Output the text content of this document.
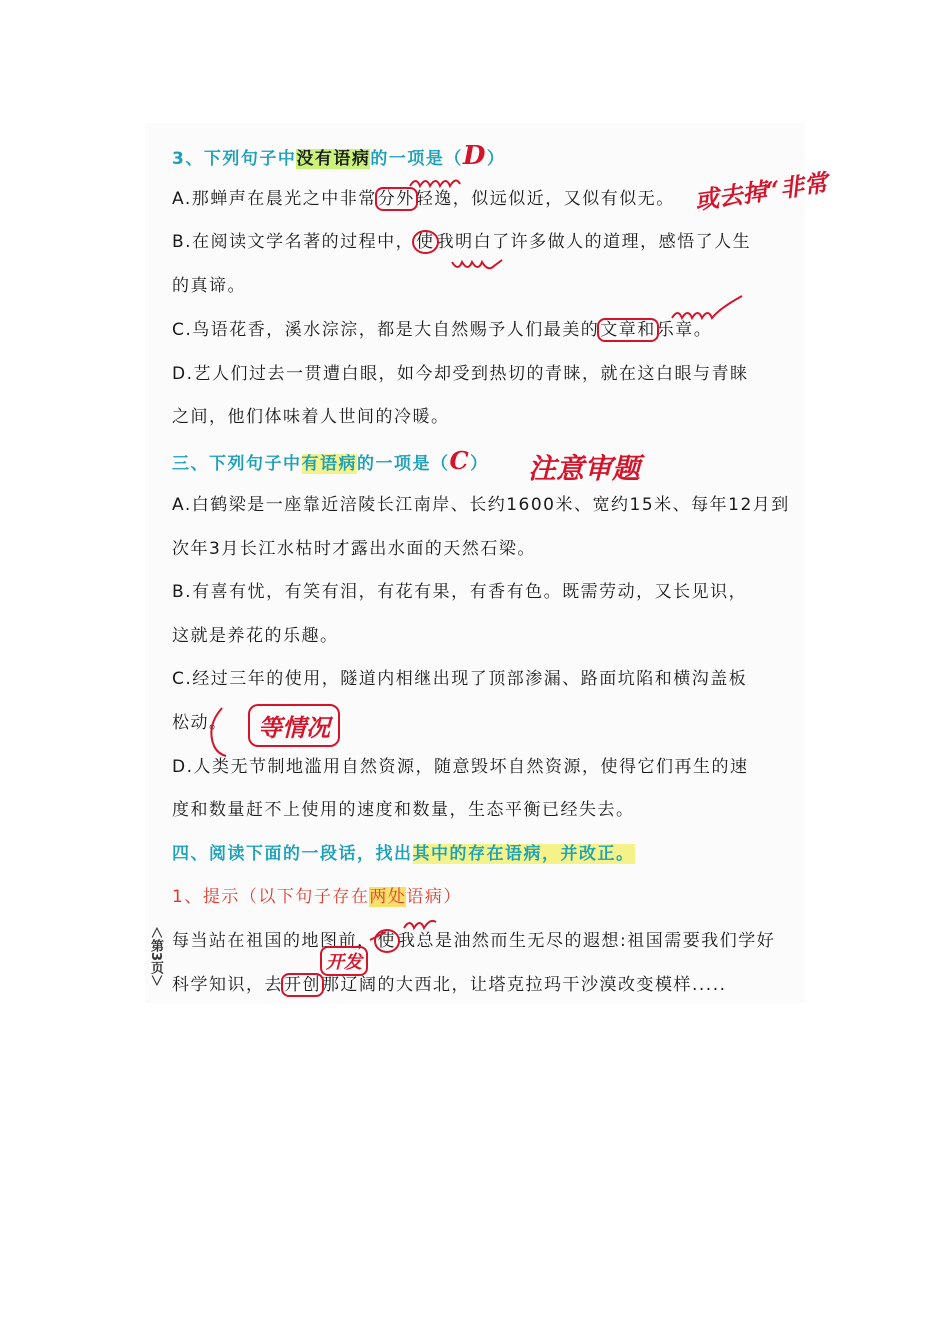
3、下列句子中没有语病的一项是（D）
A.那蝉声在晨光之中非常分外轻逸，似远似近，又似有似无。
B.在阅读文学名著的过程中， 使 我明白了许多做人的道理，感悟了人生
的真谛。
C.鸟语花香，溪水淙淙，都是大自然赐予人们最美的文章和乐章。
D.艺人们过去一贯遭白眼，如今却受到热切的青睐，就在这白眼与青睐
之间，他们体味着人世间的冷暖。
三、下列句子中有语病的一项是（C）
A.白鹤梁是一座靠近涪陵长江南岸、长约1600米、宽约15米、每年12月到
次年3月长江水枯时才露出水面的天然石梁。
B.有喜有忧，有笑有泪，有花有果，有香有色。既需劳动，又长见识，
这就是养花的乐趣。
C.经过三年的使用，隧道内相继出现了顶部渗漏、路面坑陷和横沟盖板
松动。
D.人类无节制地滥用自然资源，随意毁坏自然资源，使得它们再生的速
度和数量赶不上使用的速度和数量，生态平衡已经失去。
四、阅读下面的一段话，找出其中的存在语病，并改正。
1、提示（以下句子存在两处语病）
每当站在祖国的地图前， 使 我总是油然而生无尽的遐想:祖国需要我们学好
科学知识，去开创那辽阔的大西北，让塔克拉玛干沙漠改变模样.....
＜第3页＞
或去掉“非常
注意审题
等情况
开发
